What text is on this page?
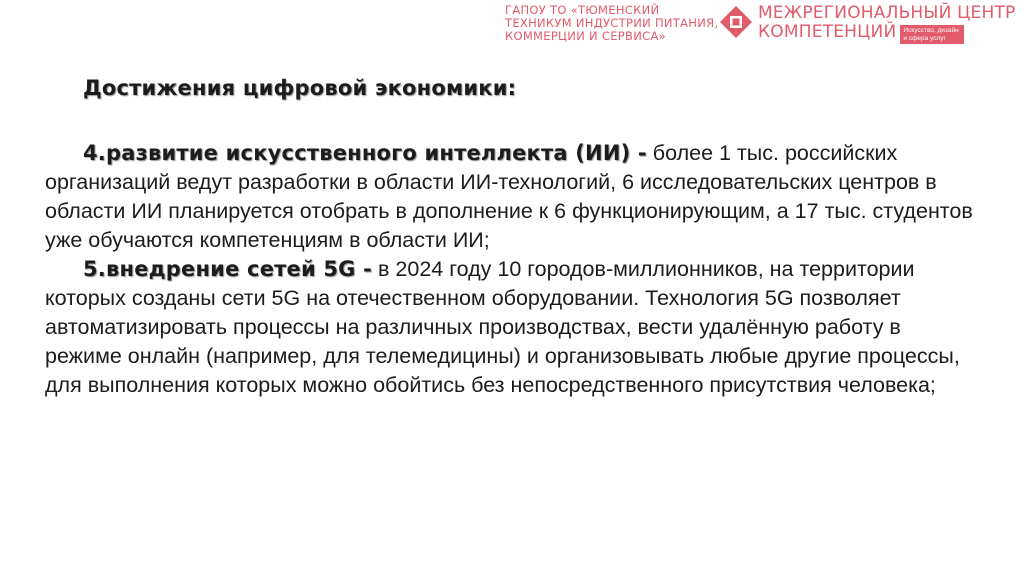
ГАПОУ ТО «ТЮМЕНСКИЙ
ТЕХНИКУМ ИНДУСТРИИ ПИТАНИЯ,
КОММЕРЦИИ И СЕРВИСА»
МЕЖРЕГИОНАЛЬНЫЙ ЦЕНТР
КОМПЕТЕНЦИЙ	Искусство, дизайн и сфера услуг
Достижения цифровой экономики:

4.развитие искусственного интеллекта (ИИ) - более 1 тыс. российских организаций ведут разработки в области ИИ-технологий, 6 исследовательских центров в области ИИ планируется отобрать в дополнение к 6 функционирующим, а 17 тыс. студентов уже обучаются компетенциям в области ИИ;

5.внедрение сетей 5G - в 2024 году 10 городов-миллионников, на территории которых созданы сети 5G на отечественном оборудовании. Технология 5G позволяет автоматизировать процессы на различных производствах, вести удалённую работу в режиме онлайн (например, для телемедицины) и организовывать любые другие процессы, для выполнения которых можно обойтись без непосредственного присутствия человека;
